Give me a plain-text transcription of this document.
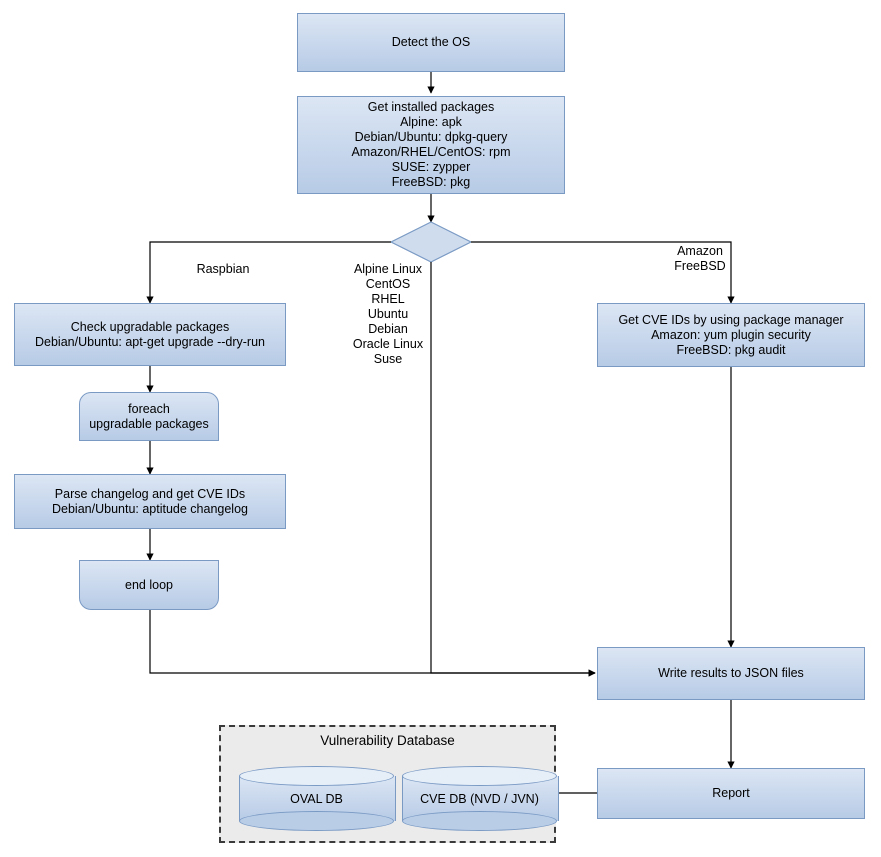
Detect the OS
Get installed packages
Alpine: apk
Debian/Ubuntu: dpkg-query
Amazon/RHEL/CentOS: rpm
SUSE: zypper
FreeBSD: pkg
Raspbian	Alpine Linux
CentOS
RHEL
Ubuntu
Debian
Oracle Linux
Suse
Amazon
FreeBSD
Check upgradable packages
Debian/Ubuntu: apt-get upgrade --dry-run
foreach
upgradable packages
Parse changelog and get CVE IDs
Debian/Ubuntu: aptitude changelog
end loop
Get CVE IDs by using package manager
Amazon: yum plugin security
FreeBSD: pkg audit
Write results to JSON files
Report
Vulnerability Database
OVAL DB	CVE DB (NVD / JVN)
